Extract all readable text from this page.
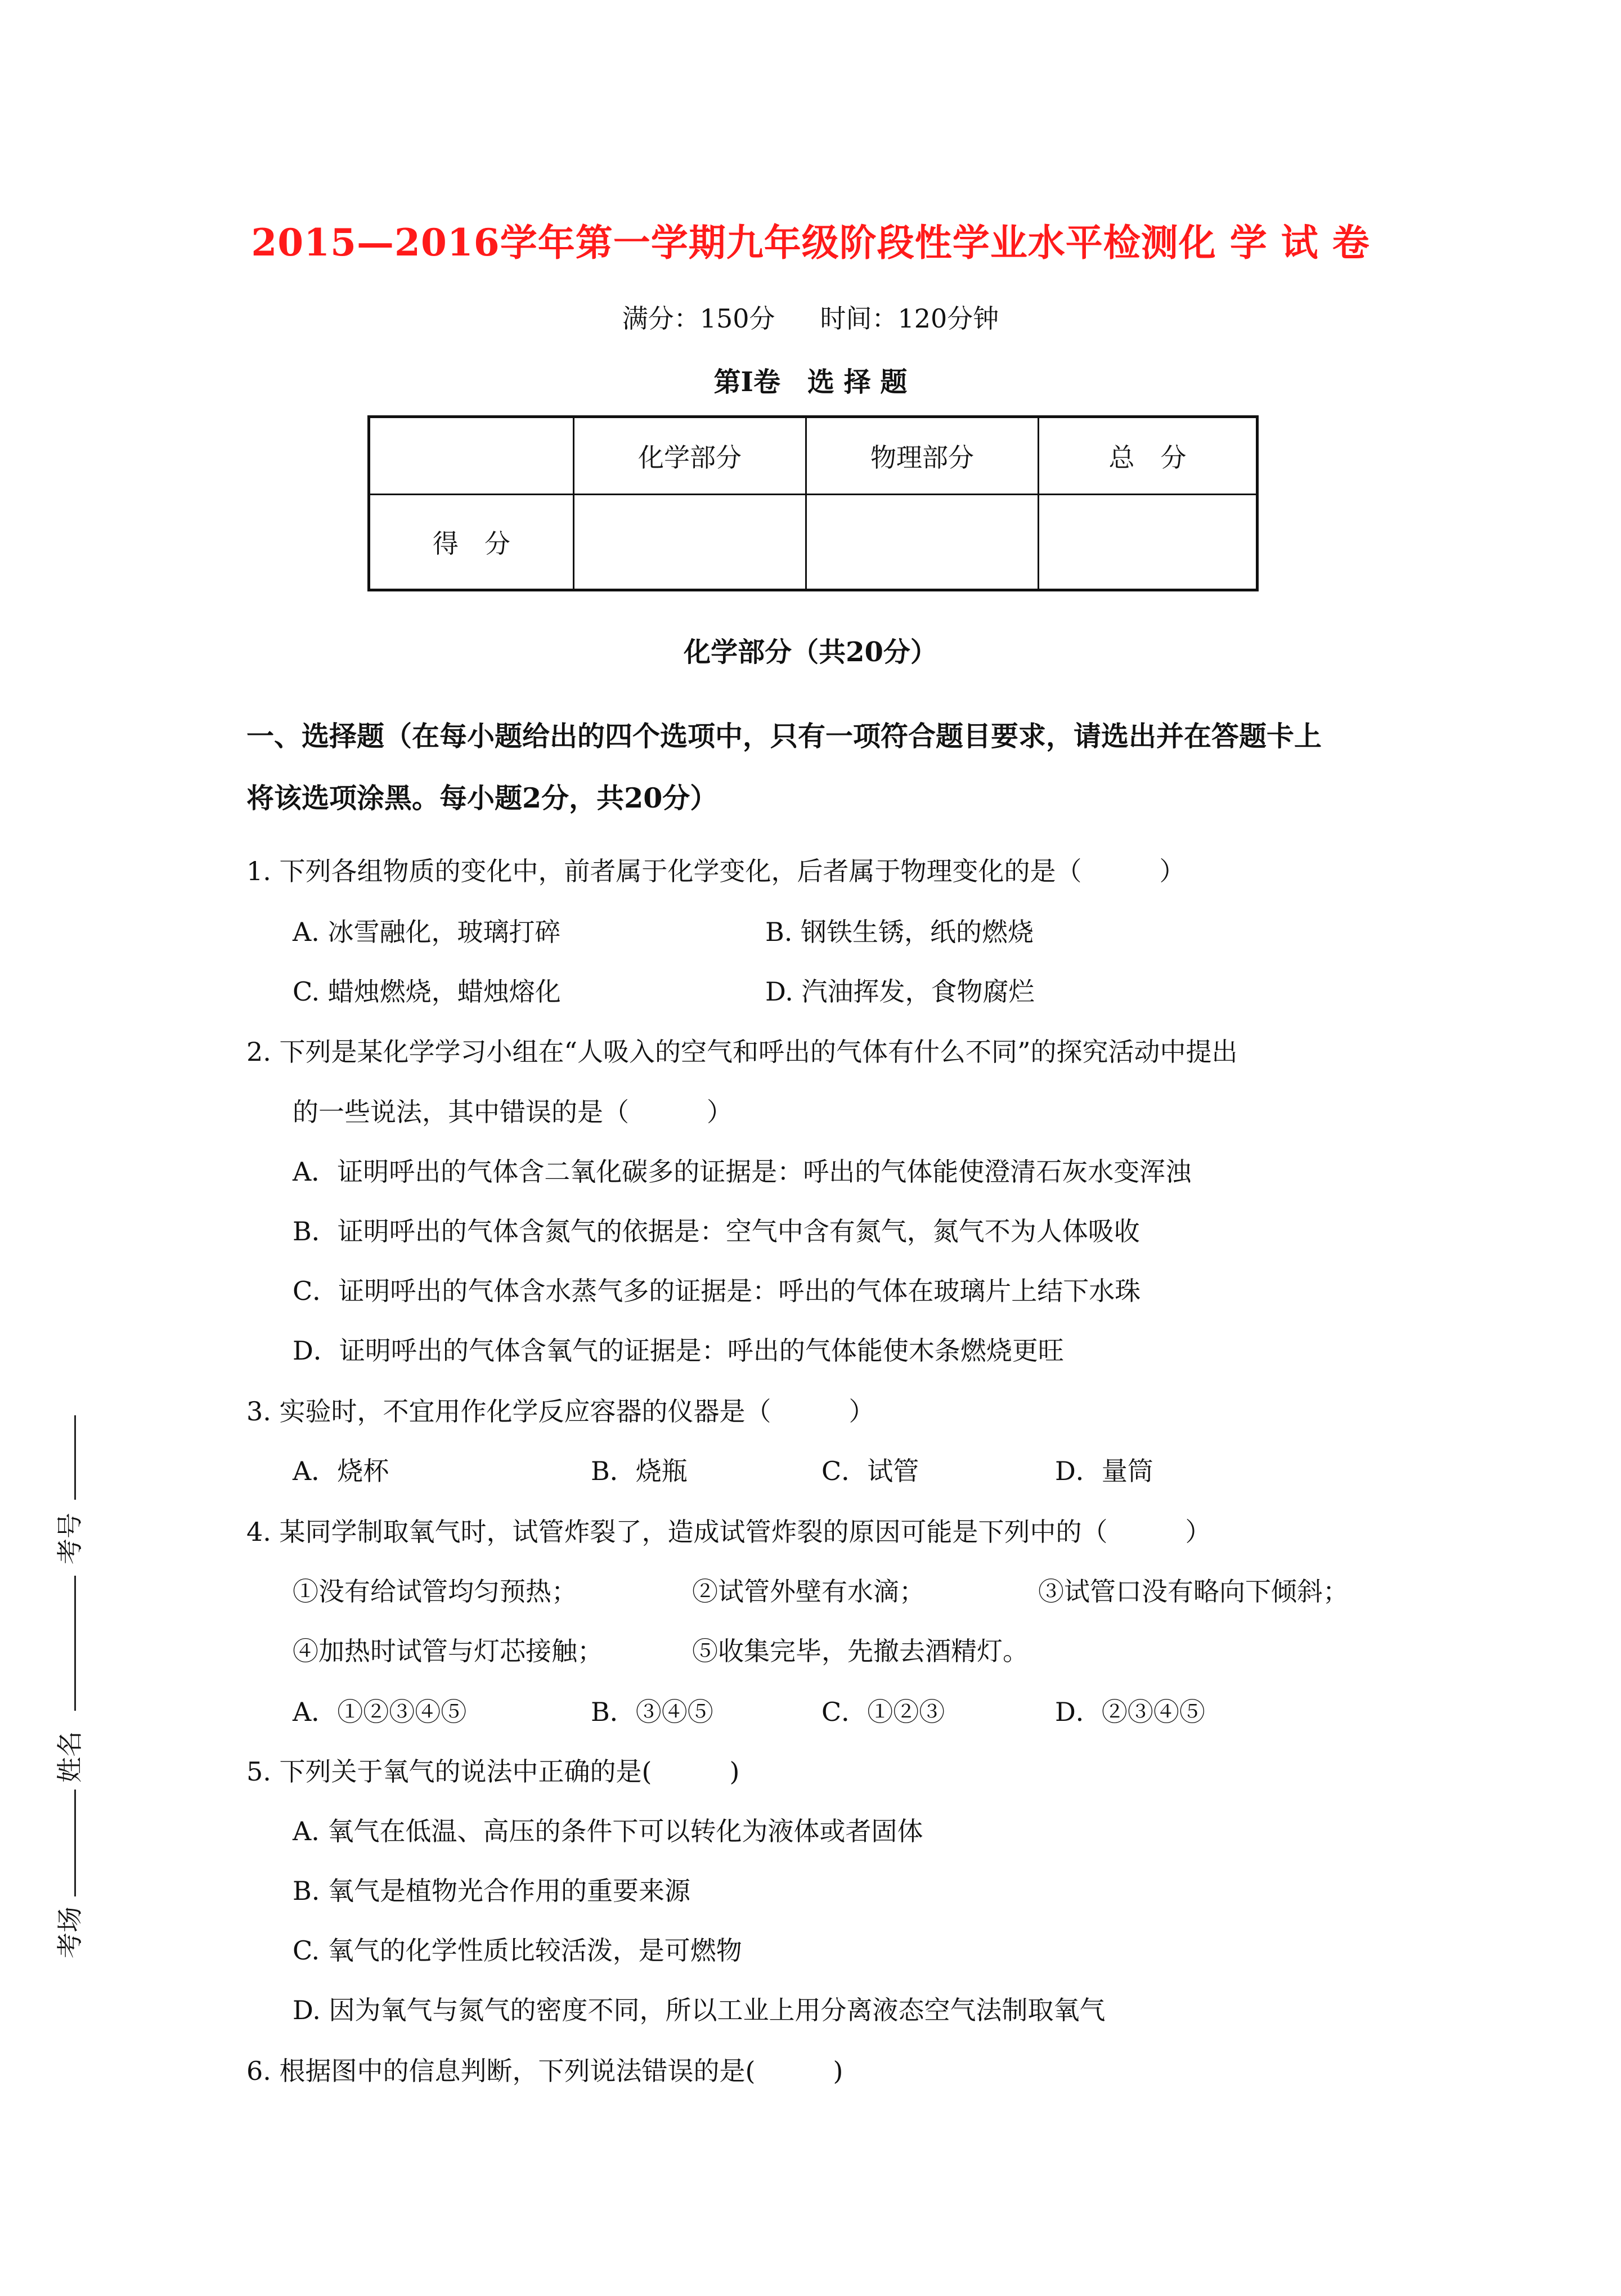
2015—2016学年第一学期九年级阶段性学业水平检测化 学 试 卷
满分：150分 时间：120分钟
第Ⅰ卷　选 择 题
	化学部分	物理部分	总　分
得　分			
化学部分（共20分）
一、选择题（在每小题给出的四个选项中，只有一项符合题目要求，请选出并在答题卡上
将该选项涂黑。每小题2分，共20分）
1. 下列各组物质的变化中，前者属于化学变化，后者属于物理变化的是（　　　）
A. 冰雪融化，玻璃打碎	B. 钢铁生锈，纸的燃烧
C. 蜡烛燃烧，蜡烛熔化	D. 汽油挥发，食物腐烂
2. 下列是某化学学习小组在“人吸入的空气和呼出的气体有什么不同”的探究活动中提出
的一些说法，其中错误的是（　　　）
A．证明呼出的气体含二氧化碳多的证据是：呼出的气体能使澄清石灰水变浑浊
B．证明呼出的气体含氮气的依据是：空气中含有氮气，氮气不为人体吸收
C．证明呼出的气体含水蒸气多的证据是：呼出的气体在玻璃片上结下水珠
D．证明呼出的气体含氧气的证据是：呼出的气体能使木条燃烧更旺
3. 实验时，不宜用作化学反应容器的仪器是（　　　）
A．烧杯	B．烧瓶	C．试管	D．量筒
4. 某同学制取氧气时，试管炸裂了，造成试管炸裂的原因可能是下列中的（　　　）
①没有给试管均匀预热；	②试管外壁有水滴；	③试管口没有略向下倾斜；
④加热时试管与灯芯接触；	⑤收集完毕，先撤去酒精灯。
A．①②③④⑤	B．③④⑤	C．①②③	D．②③④⑤
5. 下列关于氧气的说法中正确的是(　　　)
A. 氧气在低温、高压的条件下可以转化为液体或者固体
B. 氧气是植物光合作用的重要来源
C. 氧气的化学性质比较活泼，是可燃物
D. 因为氧气与氮气的密度不同，所以工业上用分离液态空气法制取氧气
6. 根据图中的信息判断，下列说法错误的是(　　　)
考场
姓名
考号
